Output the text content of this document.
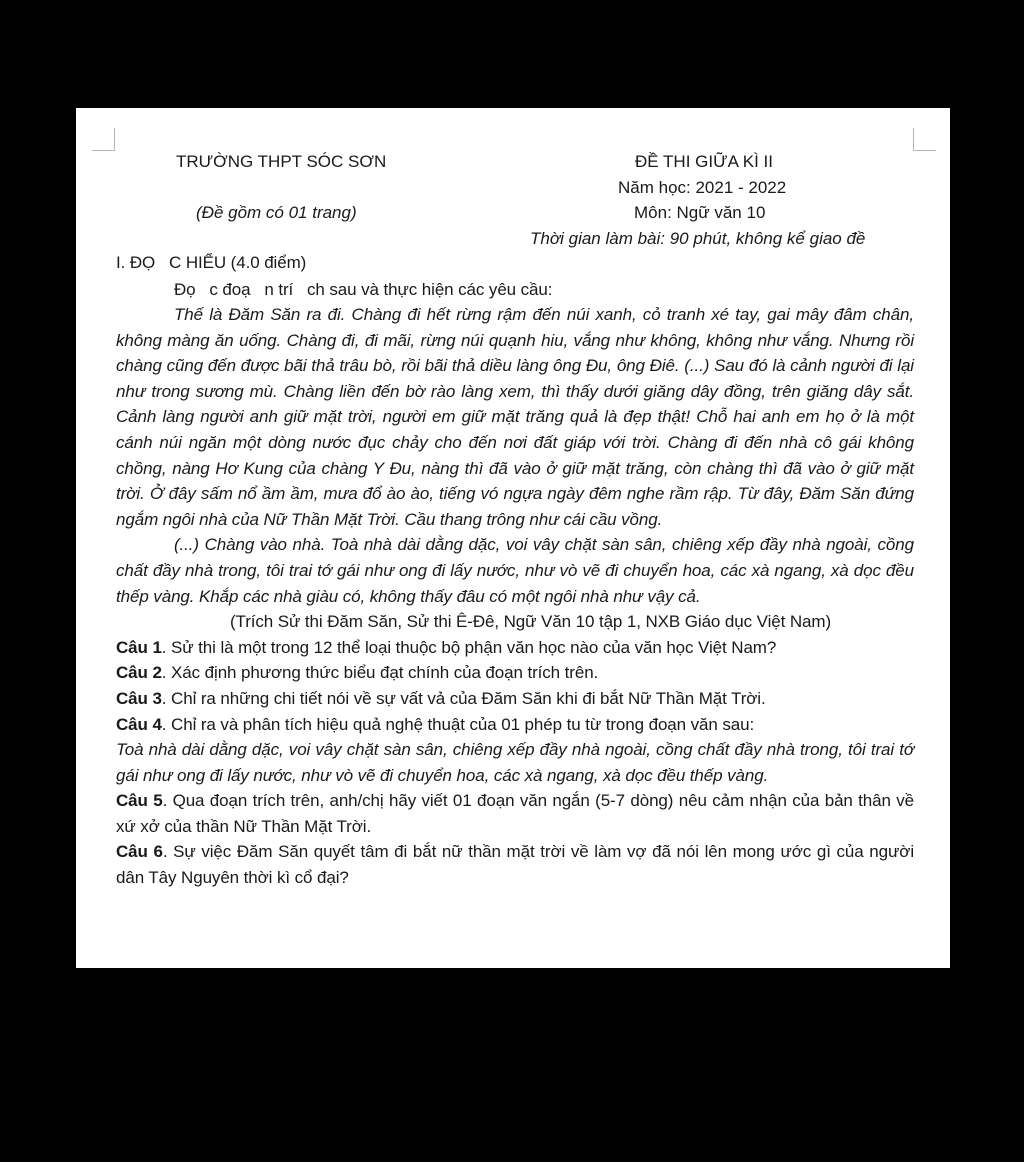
TRƯỜNG THPT SÓC SƠN
(Đề gồm có 01 trang)
ĐỀ THI GIỮA KÌ II
Năm học: 2021 - 2022
Môn: Ngữ văn 10
Thời gian làm bài: 90 phút, không kể giao đề

I. ĐỌ   C HIỂU (4.0 điểm)

Đọ   c đoạ   n trí   ch sau và thực hiện các yêu cầu:

Thế là Đăm Săn ra đi. Chàng đi hết rừng rậm đến núi xanh, cỏ tranh xé tay, gai mây đâm chân, không màng ăn uống. Chàng đi, đi mãi, rừng núi quạnh hiu, vắng như không, không như vắng. Nhưng rồi chàng cũng đến được bãi thả trâu bò, rồi bãi thả diều làng ông Đu, ông Điê. (...) Sau đó là cảnh người đi lại như trong sương mù. Chàng liền đến bờ rào làng xem, thì thấy dưới giăng dây đồng, trên giăng dây sắt. Cảnh làng người anh giữ mặt trời, người em giữ mặt trăng quả là đẹp thật! Chỗ hai anh em họ ở là một cánh núi ngăn một dòng nước đục chảy cho đến nơi đất giáp với trời. Chàng đi đến nhà cô gái không chồng, nàng Hơ Kung của chàng Y Đu, nàng thì đã vào ở giữ mặt trăng, còn chàng thì đã vào ở giữ mặt trời. Ở đây sấm nổ ầm ầm, mưa đổ ào ào, tiếng vó ngựa ngày đêm nghe rầm rập. Từ đây, Đăm Săn đứng ngắm ngôi nhà của Nữ Thần Mặt Trời. Cầu thang trông như cái cầu vồng.

(...) Chàng vào nhà. Toà nhà dài dằng dặc, voi vây chặt sàn sân, chiêng xếp đầy nhà ngoài, cồng chất đầy nhà trong, tôi trai tớ gái như ong đi lấy nước, như vò vẽ đi chuyển hoa, các xà ngang, xà dọc đều thếp vàng. Khắp các nhà giàu có, không thấy đâu có một ngôi nhà như vậy cả.

(Trích Sử thi Đăm Săn, Sử thi Ê-Đê, Ngữ Văn 10 tập 1, NXB Giáo dục Việt Nam)

Câu 1. Sử thi là một trong 12 thể loại thuộc bộ phận văn học nào của văn học Việt Nam?

Câu 2. Xác định phương thức biểu đạt chính của đoạn trích trên.

Câu 3. Chỉ ra những chi tiết nói về sự vất vả của Đăm Săn khi đi bắt Nữ Thần Mặt Trời.

Câu 4. Chỉ ra và phân tích hiệu quả nghệ thuật của 01 phép tu từ trong đoạn văn sau:

Toà nhà dài dằng dặc, voi vây chặt sàn sân, chiêng xếp đầy nhà ngoài, cồng chất đầy nhà trong, tôi trai tớ gái như ong đi lấy nước, như vò vẽ đi chuyển hoa, các xà ngang, xà dọc đều thếp vàng.

Câu 5. Qua đoạn trích trên, anh/chị hãy viết 01 đoạn văn ngắn (5-7 dòng) nêu cảm nhận của bản thân về xứ xở của thần Nữ Thần Mặt Trời.

Câu 6. Sự việc Đăm Săn quyết tâm đi bắt nữ thần mặt trời về làm vợ đã nói lên mong ước gì của người dân Tây Nguyên thời kì cổ đại?
